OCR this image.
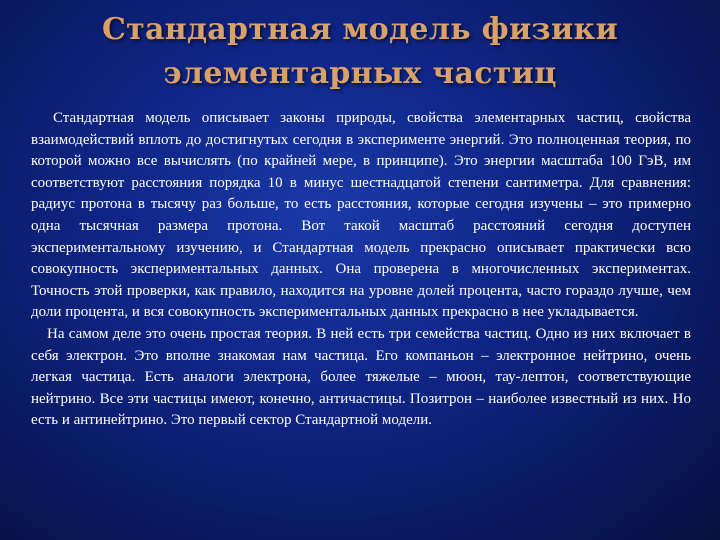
Стандартная модель физики
элементарных частиц

Стандартная модель описывает законы природы, свойства элементарных частиц, свойства взаимодействий вплоть до достигнутых сегодня в эксперименте энергий. Это полноценная теория, по которой можно все вычислять (по крайней мере, в принципе). Это энергии масштаба 100 ГэВ, им соответствуют расстояния порядка 10 в минус шестнадцатой степени сантиметра. Для сравнения: радиус протона в тысячу раз больше, то есть расстояния, которые сегодня изучены – это примерно одна тысячная размера протона. Вот такой масштаб расстояний сегодня доступен экспериментальному изучению, и Стандартная модель прекрасно описывает практически всю совокупность экспериментальных данных. Она проверена в многочисленных экспериментах. Точность этой проверки, как правило, находится на уровне долей процента, часто гораздо лучше, чем доли процента, и вся совокупность экспериментальных данных прекрасно в нее укладывается.

На самом деле это очень простая теория. В ней есть три семейства частиц. Одно из них включает в себя электрон. Это вполне знакомая нам частица. Его компаньон – электронное нейтрино, очень легкая частица. Есть аналоги электрона, более тяжелые – мюон, тау-лептон, соответствующие нейтрино. Все эти частицы имеют, конечно, античастицы. Позитрон – наиболее известный из них. Но есть и антинейтрино. Это первый сектор Стандартной модели.
